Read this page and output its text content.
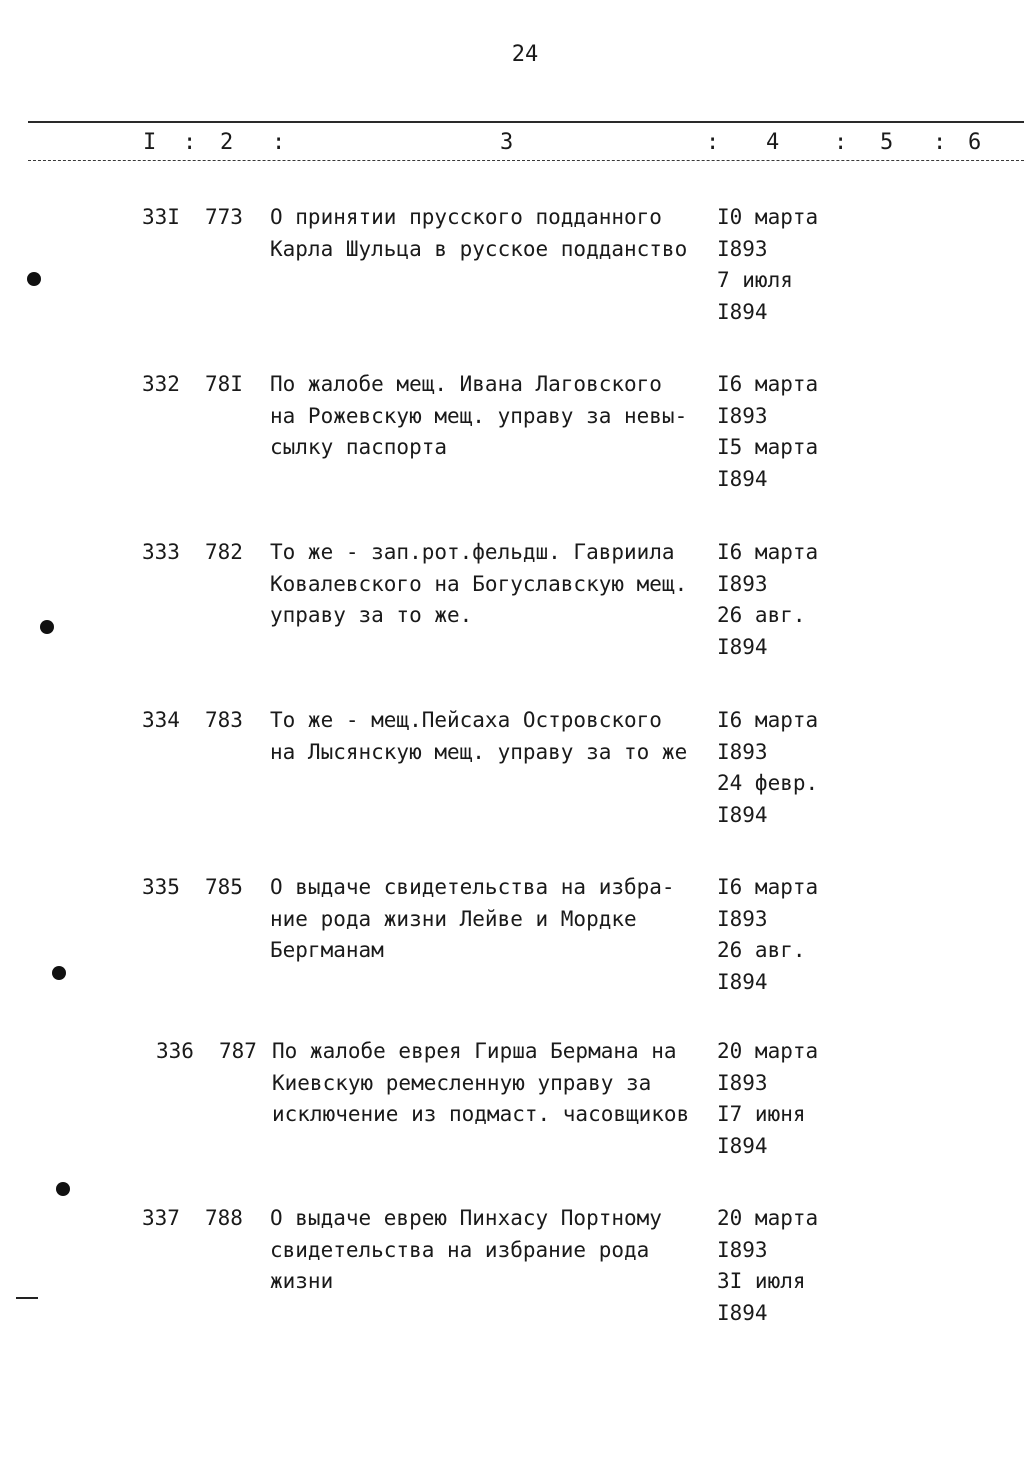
24
I : 2 :	3	: 4 : 5 : 6
33I 773 О принятии прусского подданного
Карла Шульца в русское подданство
I0 марта
I893
7 июля
I894
332 78I По жалобе мещ. Ивана Лаговского
на Рожевскую мещ. управу за невы-
сылку паспорта
I6 марта
I893
I5 марта
I894
333 782 То же - зап.рот.фельдш. Гавриила
Ковалевского на Богуславскую мещ.
управу за то же.
I6 марта
I893
26 авг.
I894
334 783 То же - мещ.Пейсаха Островского
на Лысянскую мещ. управу за то же
I6 марта
I893
24 февр.
I894
335 785 О выдаче свидетельства на избра-
ние рода жизни Лейве и Мордке
Бергманам
I6 марта
I893
26 авг.
I894
336 787 По жалобе еврея Гирша Бермана на
Киевскую ремесленную управу за
исключение из подмаст. часовщиков
20 марта
I893
I7 июня
I894
337 788 О выдаче еврею Пинхасу Портному
свидетельства на избрание рода
жизни
20 марта
I893
3I июля
I894
